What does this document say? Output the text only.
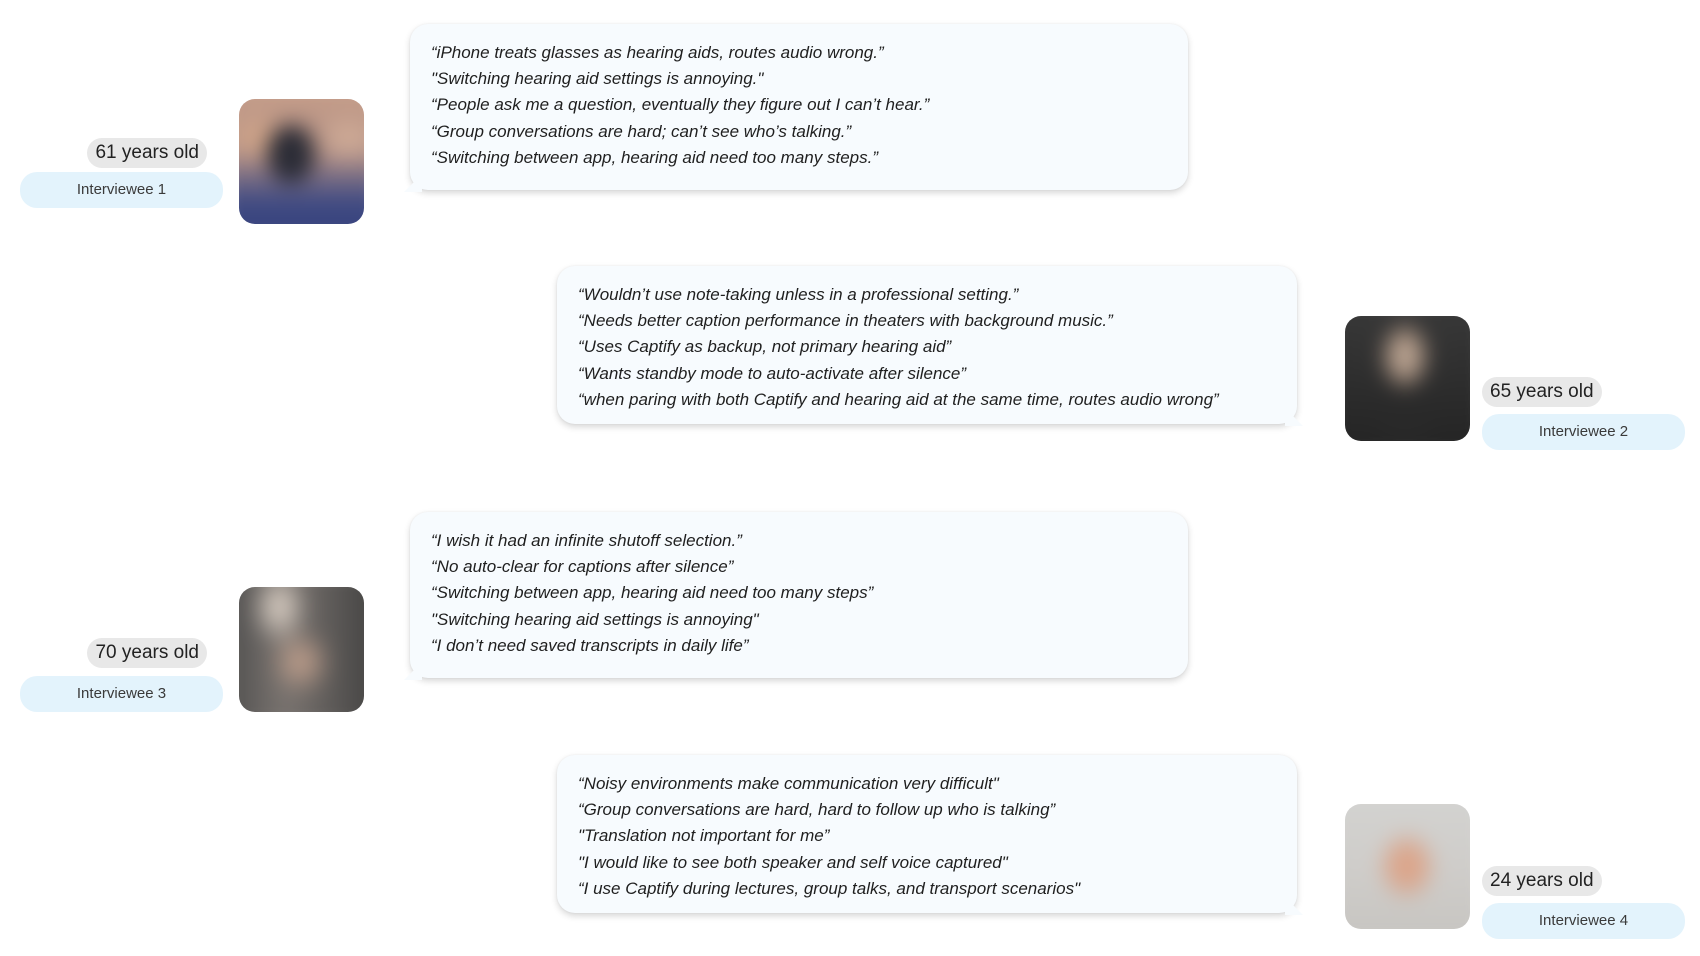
Interviewee 1
61 years old

“iPhone treats glasses as hearing aids, routes audio wrong.”

"Switching hearing aid settings is annoying."

“People ask me a question, eventually they figure out I can’t hear.”

“Group conversations are hard; can’t see who’s talking.”

“Switching between app, hearing aid need too many steps.”

“Wouldn’t use note-taking unless in a professional setting.”

“Needs better caption performance in theaters with background music.”

“Uses Captify as backup, not primary hearing aid”

“Wants standby mode to auto-activate after silence”

“when paring with both Captify and hearing aid at the same time, routes audio wrong”	65 years old
Interviewee 2
Interviewee 3
70 years old

“I wish it had an infinite shutoff selection.”

“No auto-clear for captions after silence”

“Switching between app, hearing aid need too many steps”

"Switching hearing aid settings is annoying"

“I don’t need saved transcripts in daily life”

“Noisy environments make communication very difficult"

“Group conversations are hard, hard to follow up who is talking”

"Translation not important for me”

"I would like to see both speaker and self voice captured"

“I use Captify during lectures, group talks, and transport scenarios"	24 years old
Interviewee 4
